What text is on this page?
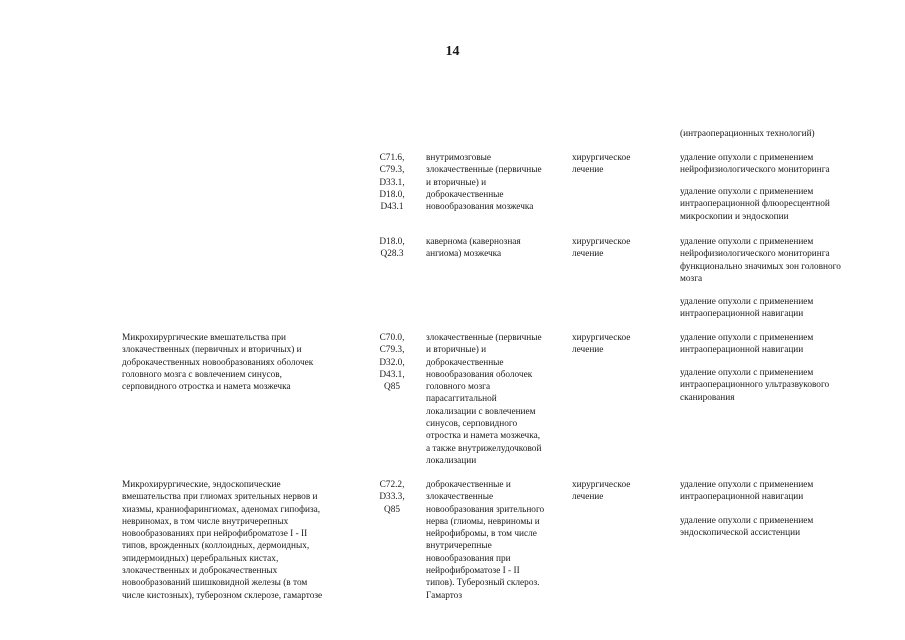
14
(интраоперационных технологий)
C71.6,
C79.3,
D33.1,
D18.0,
D43.1
внутримозговые
злокачественные (первичные
и вторичные) и
доброкачественные
новообразования мозжечка
хирургическое
лечение
удаление опухоли с применением
нейрофизиологического мониторинга
удаление опухоли с применением
интраоперационной флюоресцентной
микроскопии и эндоскопии
D18.0,
Q28.3
кавернома (кавернозная
ангиома) мозжечка
хирургическое
лечение
удаление опухоли с применением
нейрофизиологического мониторинга
функционально значимых зон головного
мозга
удаление опухоли с применением
интраоперационной навигации
Микрохирургические вмешательства при
злокачественных (первичных и вторичных) и
доброкачественных новообразованиях оболочек
головного мозга с вовлечением синусов,
серповидного отростка и намета мозжечка
C70.0,
C79.3,
D32.0,
D43.1,
Q85
злокачественные (первичные
и вторичные) и
доброкачественные
новообразования оболочек
головного мозга
парасаггитальной
локализации с вовлечением
синусов, серповидного
отростка и намета мозжечка,
а также внутрижелудочковой
локализации
хирургическое
лечение
удаление опухоли с применением
интраоперационной навигации
удаление опухоли с применением
интраоперационного ультразвукового
сканирования
Микрохирургические, эндоскопические
вмешательства при глиомах зрительных нервов и
хиазмы, краниофарингиомах, аденомах гипофиза,
невриномах, в том числе внутричерепных
новообразованиях при нейрофиброматозе I - II
типов, врожденных (коллоидных, дермоидных,
эпидермоидных) церебральных кистах,
злокачественных и доброкачественных
новообразований шишковидной железы (в том
числе кистозных), туберозном склерозе, гамартозе
C72.2,
D33.3,
Q85
доброкачественные и
злокачественные
новообразования зрительного
нерва (глиомы, невриномы и
нейрофибромы, в том числе
внутричерепные
новообразования при
нейрофиброматозе I - II
типов). Туберозный склероз.
Гамартоз
хирургическое
лечение
удаление опухоли с применением
интраоперационной навигации
удаление опухоли с применением
эндоскопической ассистенции
